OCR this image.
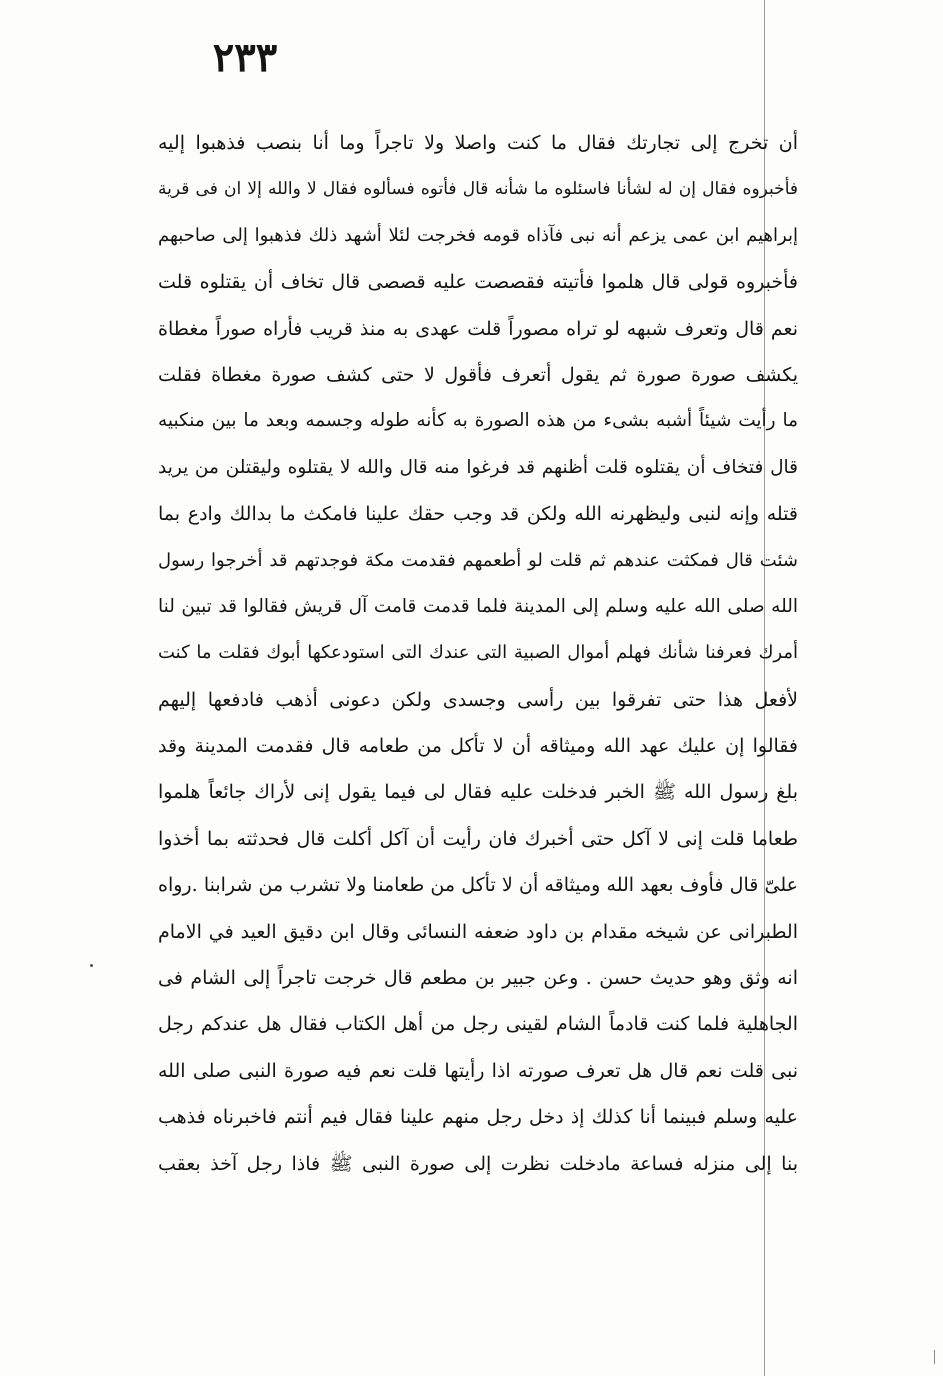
٢٣٣
أن تخرج إلى تجارتك فقال ما كنت واصلا ولا تاجراً وما أنا بنصب فذهبوا إليه
فأخبروه فقال إن له لشأنا فاسئلوه ما شأنه قال فأتوه فسألوه فقال لا والله إلا ان فى قرية
إبراهيم ابن عمى يزعم أنه نبى فآذاه قومه فخرجت لئلا أشهد ذلك فذهبوا إلى صاحبهم
فأخبروه قولى قال هلموا فأتيته فقصصت عليه قصصى قال تخاف أن يقتلوه قلت
نعم قال وتعرف شبهه لو تراه مصوراً قلت عهدى به منذ قريب فأراه صوراً مغطاة
يكشف صورة صورة ثم يقول أتعرف فأقول لا حتى كشف صورة مغطاة فقلت
ما رأيت شيئاً أشبه بشىء من هذه الصورة به كأنه طوله وجسمه وبعد ما بين منكبيه
قال فتخاف أن يقتلوه قلت أظنهم قد فرغوا منه قال والله لا يقتلوه وليقتلن من يريد
قتله وإنه لنبى وليظهرنه الله ولكن قد وجب حقك علينا فامكث ما بدالك وادع بما
شئت قال فمكثت عندهم ثم قلت لو أطعمهم فقدمت مكة فوجدتهم قد أخرجوا رسول
الله صلى الله عليه وسلم إلى المدينة فلما قدمت قامت آل قريش فقالوا قد تبين لنا
أمرك فعرفنا شأنك فهلم أموال الصبية التى عندك التى استودعكها أبوك فقلت ما كنت
لأفعل هذا حتى تفرقوا بين رأسى وجسدى ولكن دعونى أذهب فادفعها إليهم
فقالوا إن عليك عهد الله وميثاقه أن لا تأكل من طعامه قال فقدمت المدينة وقد
بلغ رسول الله ﷺ الخبر فدخلت عليه فقال لى فيما يقول إنى لأراك جائعاً هلموا
طعاما قلت إنى لا آكل حتى أخبرك فان رأيت أن آكل أكلت قال فحدثته بما أخذوا
علىّ قال فأوف بعهد الله وميثاقه أن لا تأكل من طعامنا ولا تشرب من شرابنا .رواه
الطبرانى عن شيخه مقدام بن داود ضعفه النسائى وقال ابن دقيق العيد في الامام
انه وثق وهو حديث حسن . وعن جبير بن مطعم قال خرجت تاجراً إلى الشام فى
الجاهلية فلما كنت قادماً الشام لقينى رجل من أهل الكتاب فقال هل عندكم رجل
نبى قلت نعم قال هل تعرف صورته اذا رأيتها قلت نعم فيه صورة النبى صلى الله
عليه وسلم فبينما أنا كذلك إذ دخل رجل منهم علينا فقال فيم أنتم فاخبرناه فذهب
بنا إلى منزله فساعة مادخلت نظرت إلى صورة النبى ﷺ فاذا رجل آخذ بعقب
